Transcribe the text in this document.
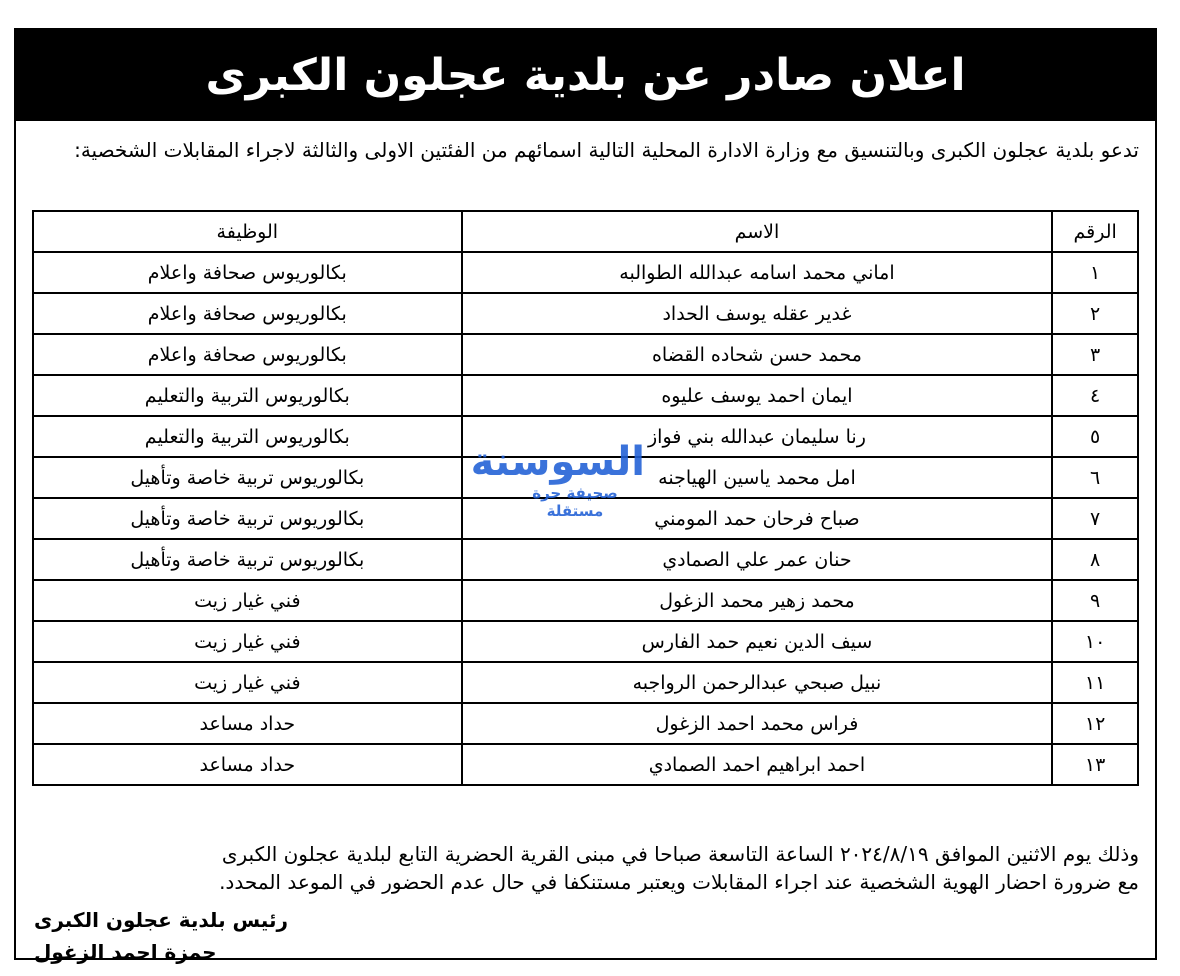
اعلان صادر عن بلدية عجلون الكبرى
تدعو بلدية عجلون الكبرى وبالتنسيق مع وزارة الادارة المحلية التالية اسمائهم من الفئتين الاولى والثالثة لاجراء المقابلات الشخصية:
الرقم	الاسم	الوظيفة
١	اماني محمد اسامه عبدالله الطوالبه	بكالوريوس صحافة واعلام
٢	غدير عقله يوسف الحداد	بكالوريوس صحافة واعلام
٣	محمد حسن شحاده القضاه	بكالوريوس صحافة واعلام
٤	ايمان احمد يوسف عليوه	بكالوريوس التربية والتعليم
٥	رنا سليمان عبدالله بني فواز	بكالوريوس التربية والتعليم
٦	امل محمد ياسين الهياجنه	بكالوريوس تربية خاصة وتأهيل
٧	صباح فرحان حمد المومني	بكالوريوس تربية خاصة وتأهيل
٨	حنان عمر علي الصمادي	بكالوريوس تربية خاصة وتأهيل
٩	محمد زهير محمد الزغول	فني غيار زيت
١٠	سيف الدين نعيم حمد الفارس	فني غيار زيت
١١	نبيل صبحي عبدالرحمن الرواجبه	فني غيار زيت
١٢	فراس محمد احمد الزغول	حداد مساعد
١٣	احمد ابراهيم احمد الصمادي	حداد مساعد
وذلك يوم الاثنين الموافق ٢٠٢٤/٨/١٩ الساعة التاسعة صباحا في مبنى القرية الحضرية التابع لبلدية عجلون الكبرى
مع ضرورة احضار الهوية الشخصية عند اجراء المقابلات ويعتبر مستنكفا في حال عدم الحضور في الموعد المحدد.
رئيس بلدية عجلون الكبرى
حمزة احمد الزغول
السوسنة
صحيفة حرة مستقلة
